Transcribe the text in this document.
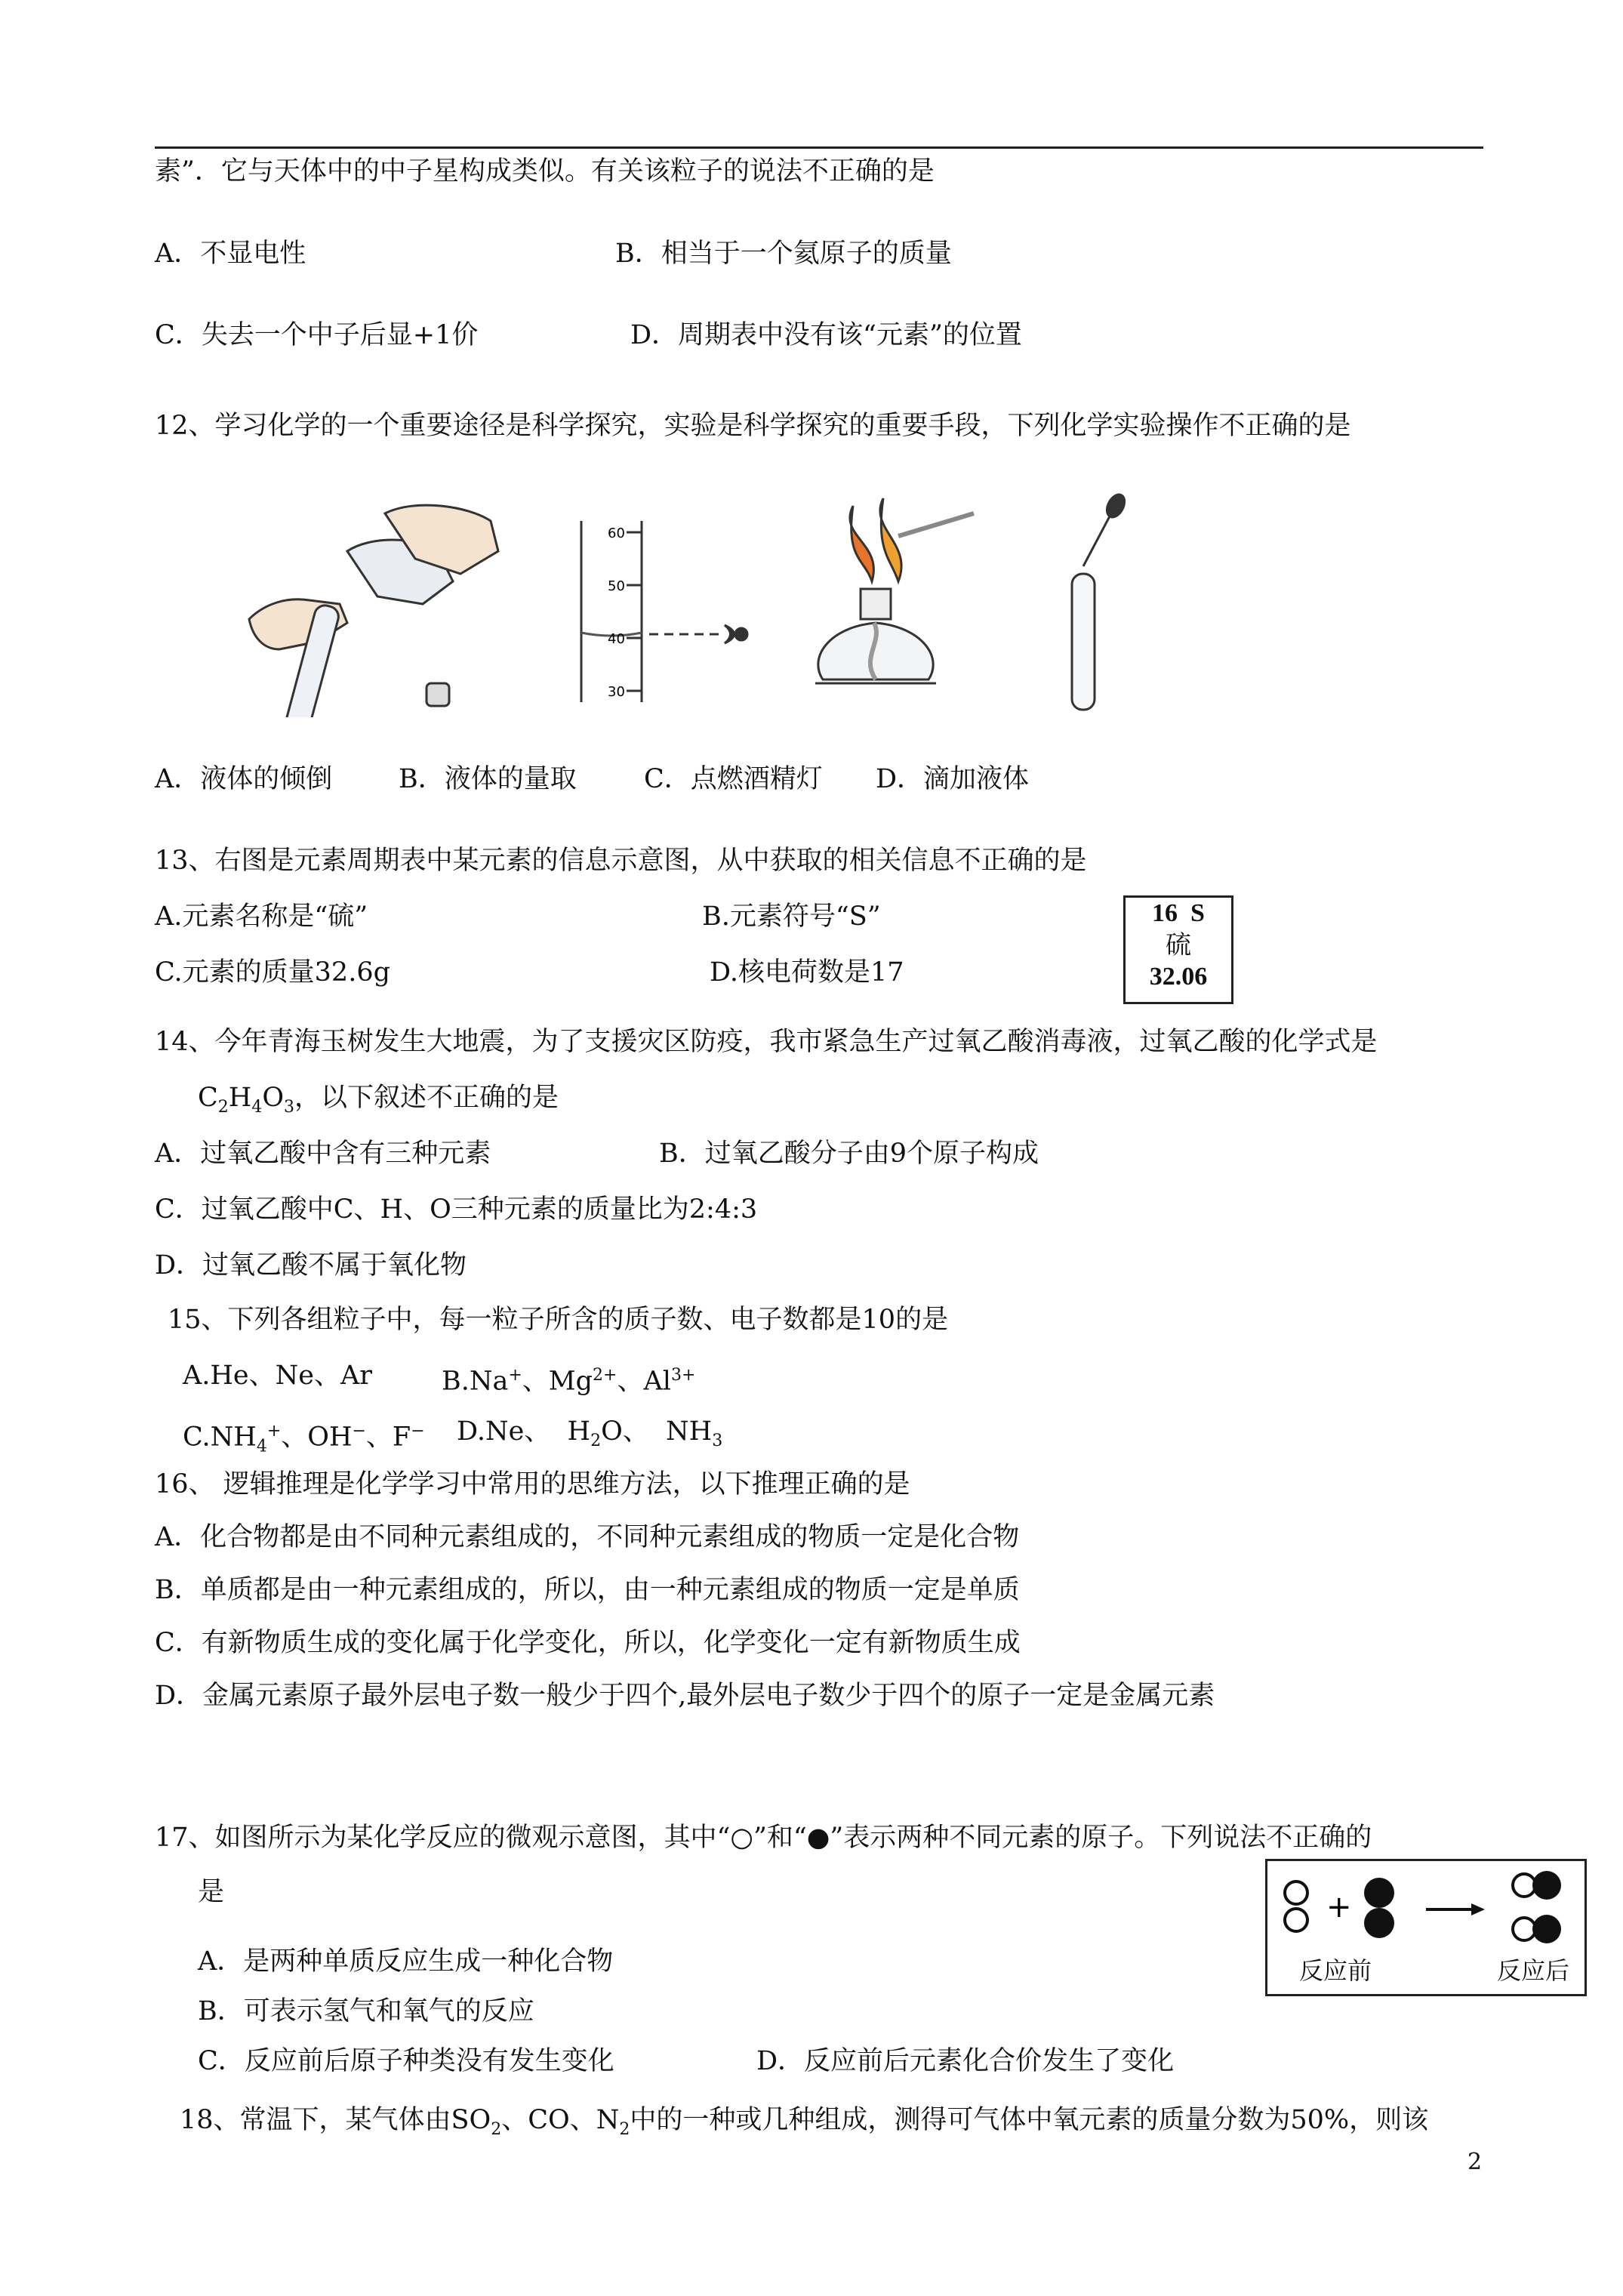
素”．它与天体中的中子星构成类似。有关该粒子的说法不正确的是
A．不显电性	B．相当于一个氦原子的质量
C．失去一个中子后显+1价	D．周期表中没有该“元素”的位置
12、学习化学的一个重要途径是科学探究，实验是科学探究的重要手段，下列化学实验操作不正确的是
60
50
40
30
A．液体的倾倒	B．液体的量取	C．点燃酒精灯 D．滴加液体
13、右图是元素周期表中某元素的信息示意图，从中获取的相关信息不正确的是
A.元素名称是“硫”	B.元素符号“S”
C.元素的质量32.6g	D.核电荷数是17
16 S
硫
32.06
14、今年青海玉树发生大地震，为了支援灾区防疫，我市紧急生产过氧乙酸消毒液，过氧乙酸的化学式是
$C_2H_4O_3$，以下叙述不正确的是
A．过氧乙酸中含有三种元素	B．过氧乙酸分子由9个原子构成
C．过氧乙酸中C、H、O三种元素的质量比为2:4:3
D．过氧乙酸不属于氧化物
15、下列各组粒子中，每一粒子所含的质子数、电子数都是10的是
A.He、Ne、Ar	B.Na+、$Mg^{2+}$、$Al^{3+}$
$C.NH_4^+$、OH−、F− D.Ne、 $H_2O$、 $NH_3$
16、 逻辑推理是化学学习中常用的思维方法，以下推理正确的是
A．化合物都是由不同种元素组成的，不同种元素组成的物质一定是化合物
B．单质都是由一种元素组成的，所以，由一种元素组成的物质一定是单质
C．有新物质生成的变化属于化学变化，所以，化学变化一定有新物质生成
D．金属元素原子最外层电子数一般少于四个,最外层电子数少于四个的原子一定是金属元素
17、如图所示为某化学反应的微观示意图，其中“○”和“●”表示两种不同元素的原子。下列说法不正确的
是
A．是两种单质反应生成一种化合物
B．可表示氢气和氧气的反应
C．反应前后原子种类没有发生变化	D．反应前后元素化合价发生了变化
+
反应前	反应后
18、常温下，某气体由$SO_2$、CO、$N_2$中的一种或几种组成，测得可气体中氧元素的质量分数为50%，则该
2
